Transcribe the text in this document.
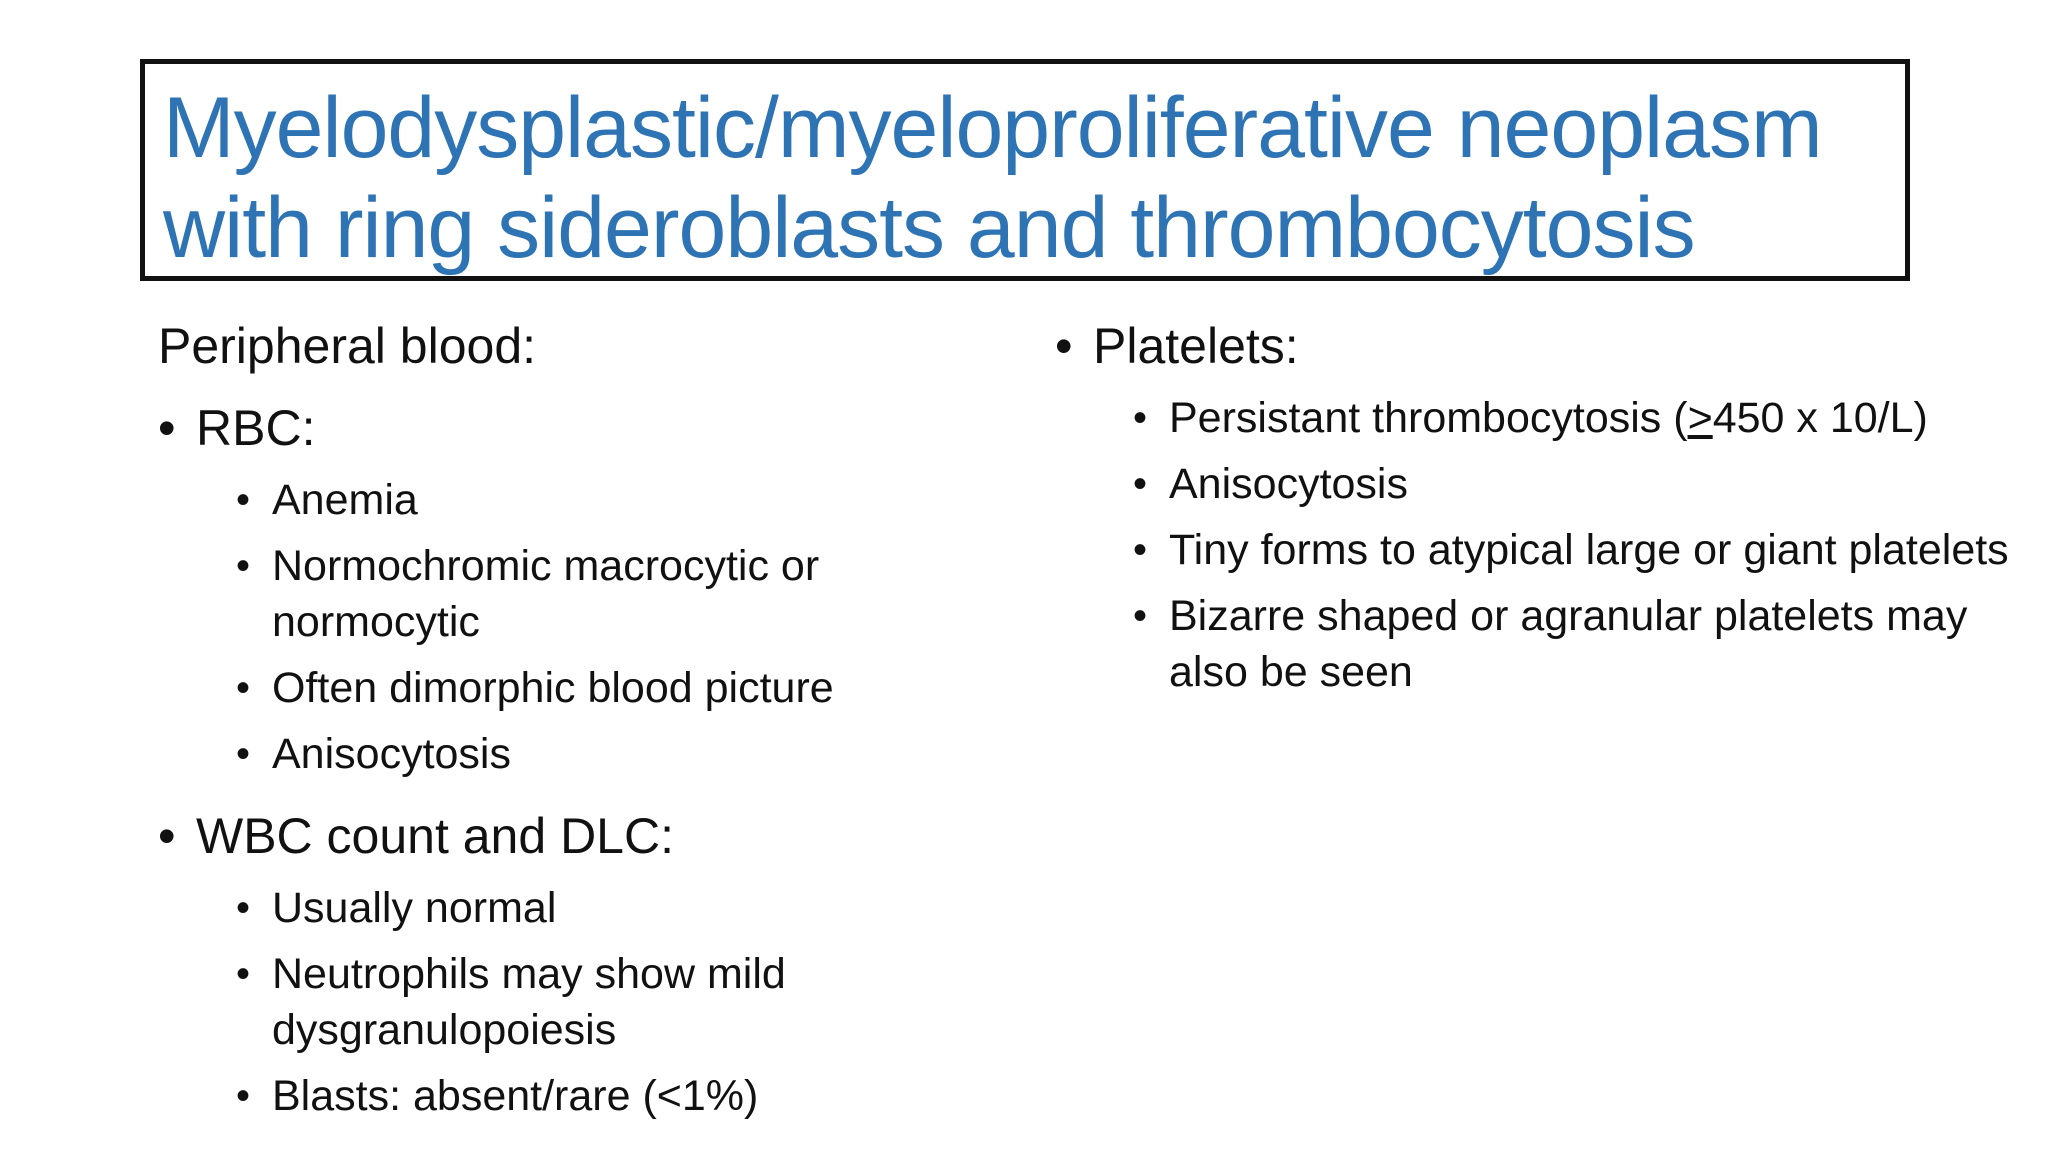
Myelodysplastic/myeloproliferative neoplasm
with ring sideroblasts and thrombocytosis
Peripheral blood:
• RBC:
• Anemia
• Normochromic macrocytic or normocytic
• Often dimorphic blood picture
• Anisocytosis
• WBC count and DLC:
• Usually normal
• Neutrophils may show mild dysgranulopoiesis
• Blasts: absent/rare (<1%)
• Platelets:
• Persistant thrombocytosis (≥450 x 10/L)
• Anisocytosis
• Tiny forms to atypical large or giant platelets
• Bizarre shaped or agranular platelets may also be seen
